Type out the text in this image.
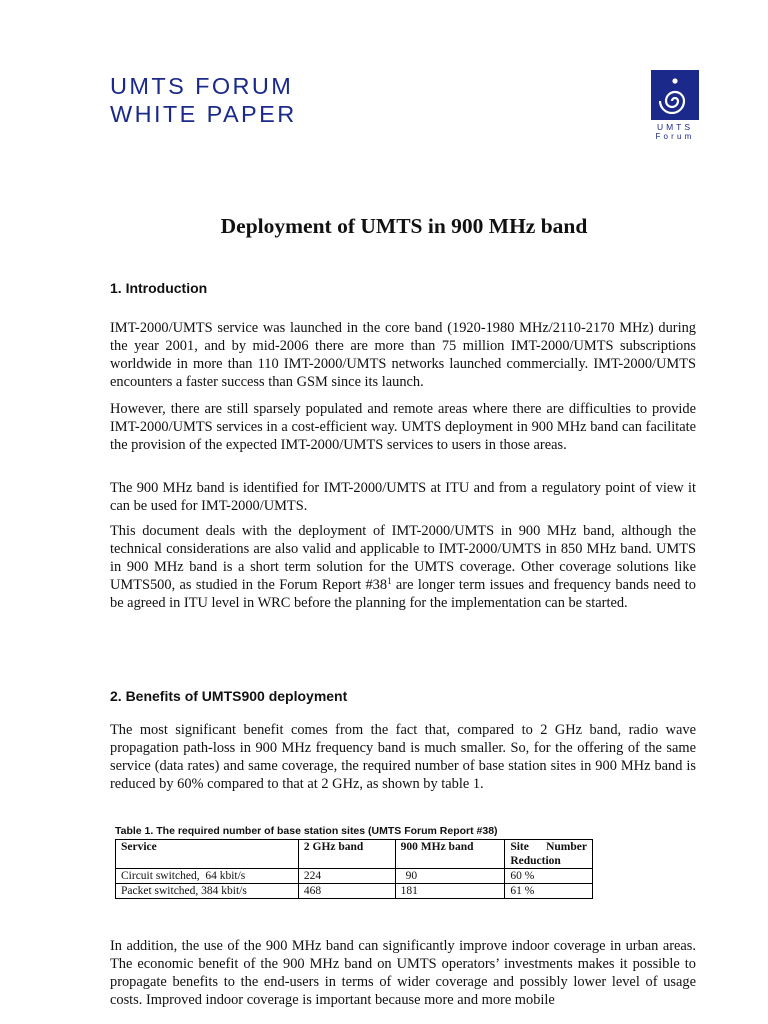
UMTS FORUM
WHITE PAPER	UMTS
Forum
Deployment of UMTS in 900 MHz band
1. Introduction

IMT-2000/UMTS service was launched in the core band (1920-1980 MHz/2110-2170 MHz) during the year 2001, and by mid-2006 there are more than 75 million IMT-2000/UMTS subscriptions worldwide in more than 110 IMT-2000/UMTS networks launched commercially. IMT-2000/UMTS encounters a faster success than GSM since its launch.

However, there are still sparsely populated and remote areas where there are difficulties to provide IMT-2000/UMTS services in a cost-efficient way. UMTS deployment in 900 MHz band can facilitate the provision of the expected IMT-2000/UMTS services to users in those areas.

The 900 MHz band is identified for IMT-2000/UMTS at ITU and from a regulatory point of view it can be used for IMT-2000/UMTS.

This document deals with the deployment of IMT-2000/UMTS in 900 MHz band, although the technical considerations are also valid and applicable to IMT-2000/UMTS in 850 MHz band. UMTS in 900 MHz band is a short term solution for the UMTS coverage. Other coverage solutions like UMTS500, as studied in the Forum Report $\#38^1$ are longer term issues and frequency bands need to be agreed in ITU level in WRC before the planning for the implementation can be started.

2. Benefits of UMTS900 deployment

The most significant benefit comes from the fact that, compared to 2 GHz band, radio wave propagation path-loss in 900 MHz frequency band is much smaller. So, for the offering of the same service (data rates) and same coverage, the required number of base station sites in 900 MHz band is reduced by 60% compared to that at 2 GHz, as shown by table 1.

Table 1. The required number of base station sites (UMTS Forum Report #38)
Service	2 GHz band	900 MHz band	Site      Number
Reduction
Circuit switched,  64 kbit/s	224	90	60 %
Packet switched, 384 kbit/s	468	181	61 %

In addition, the use of the 900 MHz band can significantly improve indoor coverage in urban areas. The economic benefit of the 900 MHz band on UMTS operators’ investments makes it possible to propagate benefits to the end-users in terms of wider coverage and possibly lower level of usage costs. Improved indoor coverage is important because more and more mobile
